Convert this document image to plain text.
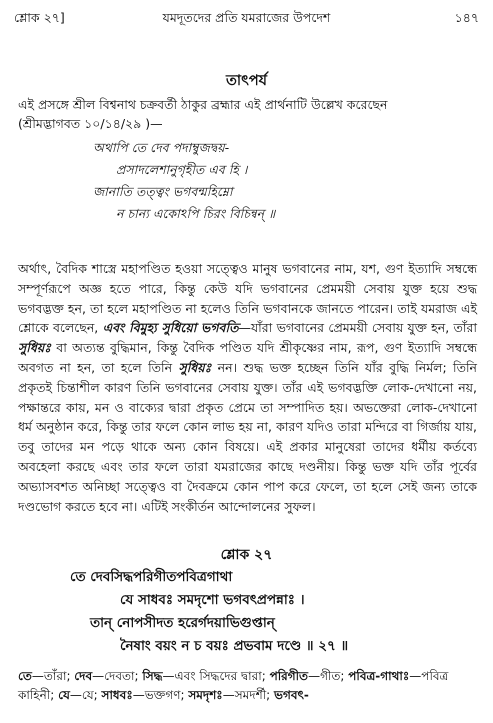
শ্লোক ২৭]	যমদূতদের প্রতি যমরাজের উপদেশ	১৪৭
তাৎপর্য
এই প্রসঙ্গে শ্রীল বিশ্বনাথ চক্রবর্তী ঠাকুর ব্রহ্মার এই প্রার্থনাটি উল্লেখ করেছেন
(শ্রীমদ্ভাগবত ১০/১৪/২৯ )—
অথাপি তে দেব পদাম্বুজদ্বয়-
প্রসাদলেশানুগৃহীত এব হি ।
জানাতি তত্ত্বং ভগবন্মহিম্নো
ন চান্য একোঽপি চিরং বিচিন্বন্ ॥
অর্থাৎ, বৈদিক শাস্ত্রে মহাপণ্ডিত হওয়া সত্ত্বেও মানুষ ভগবানের নাম, যশ, গুণ ইত্যাদি সম্বন্ধে সম্পূর্ণরূপে অজ্ঞ হতে পারে, কিন্তু কেউ যদি ভগবানের প্রেমময়ী সেবায় যুক্ত হয়ে শুদ্ধ ভগবদ্ভক্ত হন, তা হলে মহাপণ্ডিত না হলেও তিনি ভগবানকে জানতে পারেন। তাই যমরাজ এই শ্লোকে বলেছেন, এবং বিমুহ্য সুধিয়ো ভগবতি—যাঁরা ভগবানের প্রেমময়ী সেবায় যুক্ত হন, তাঁরা সুধিয়ঃ বা অত্যন্ত বুদ্ধিমান, কিন্তু বৈদিক পণ্ডিত যদি শ্রীকৃষ্ণের নাম, রূপ, গুণ ইত্যাদি সম্বন্ধে অবগত না হন, তা হলে তিনি সুধিয়ঃ নন। শুদ্ধ ভক্ত হচ্ছেন তিনি যাঁর বুদ্ধি নির্মল; তিনি প্রকৃতই চিন্তাশীল কারণ তিনি ভগবানের সেবায় যুক্ত। তাঁর এই ভগবদ্ভক্তি লোক-দেখানো নয়, পক্ষান্তরে কায়, মন ও বাক্যের দ্বারা প্রকৃত প্রেমে তা সম্পাদিত হয়। অভক্তেরা লোক-দেখানো ধর্ম অনুষ্ঠান করে, কিন্তু তার ফলে কোন লাভ হয় না, কারণ যদিও তারা মন্দিরে বা গির্জায় যায়, তবু তাদের মন পড়ে থাকে অন্য কোন বিষয়ে। এই প্রকার মানুষেরা তাদের ধর্মীয় কর্তব্যে অবহেলা করছে এবং তার ফলে তারা যমরাজের কাছে দণ্ডনীয়। কিন্তু ভক্ত যদি তাঁর পূর্বের অভ্যাসবশত অনিচ্ছা সত্ত্বেও বা দৈবক্রমে কোন পাপ করে ফেলে, তা হলে সেই জন্য তাকে দণ্ডভোগ করতে হবে না। এটিই সংকীর্তন আন্দোলনের সুফল।
শ্লোক ২৭
তে দেবসিদ্ধপরিগীতপবিত্রগাথা
যে সাধবঃ সমদৃশো ভগবৎপ্রপন্নাঃ ।
তান্ নোপসীদত হরের্গদয়াভিগুপ্তান্
নৈষাং বয়ং ন চ বয়ঃ প্রভবাম দণ্ডে ॥ ২৭ ॥
তে—তাঁরা; দেব—দেবতা; সিদ্ধ—এবং সিদ্ধদের দ্বারা; পরিগীত—গীত; পবিত্র-গাথাঃ—পবিত্র কাহিনী; যে—যে; সাধবঃ—ভক্তগণ; সমদৃশঃ—সমদর্শী; ভগবৎ-
